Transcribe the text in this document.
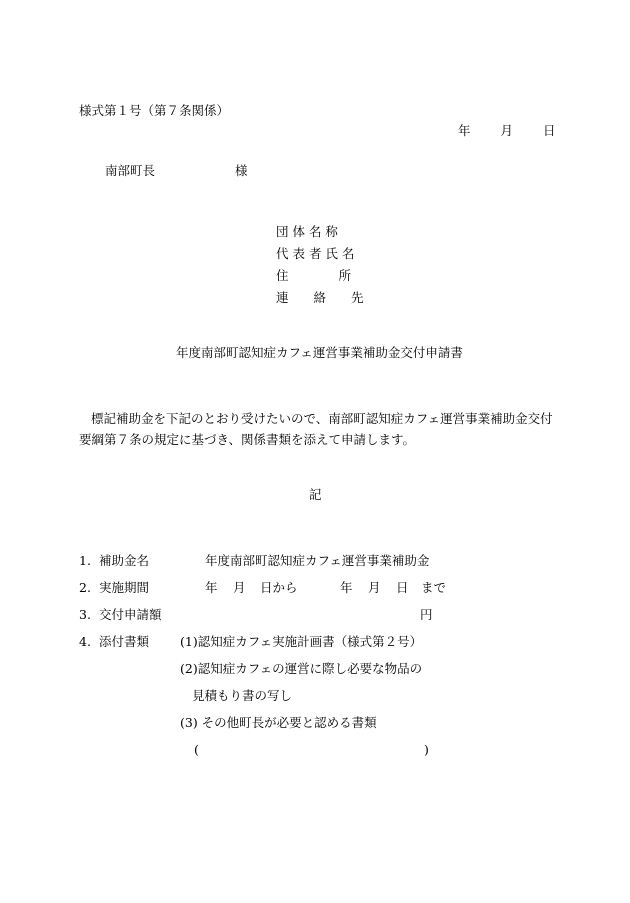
様式第１号（第７条関係）
年 月 日
南部町長	様
団 体 名 称
代 表 者 氏 名
住　　　　所
連　　絡　　先
年度南部町認知症カフェ運営事業補助金交付申請書
標記補助金を下記のとおり受けたいので、南部町認知症カフェ運営事業補助金交付要綱第７条の規定に基づき、関係書類を添えて申請します。
記
1. 補助金名	年度南部町認知症カフェ運営事業補助金
2. 実施期間	年 月 日から	年 月 日 まで
3. 交付申請額	円
4. 添付書類 (1)認知症カフェ実施計画書（様式第２号）
(2)認知症カフェの運営に際し必要な物品の
見積もり書の写し
(3) その他町長が必要と認める書類
(	)
